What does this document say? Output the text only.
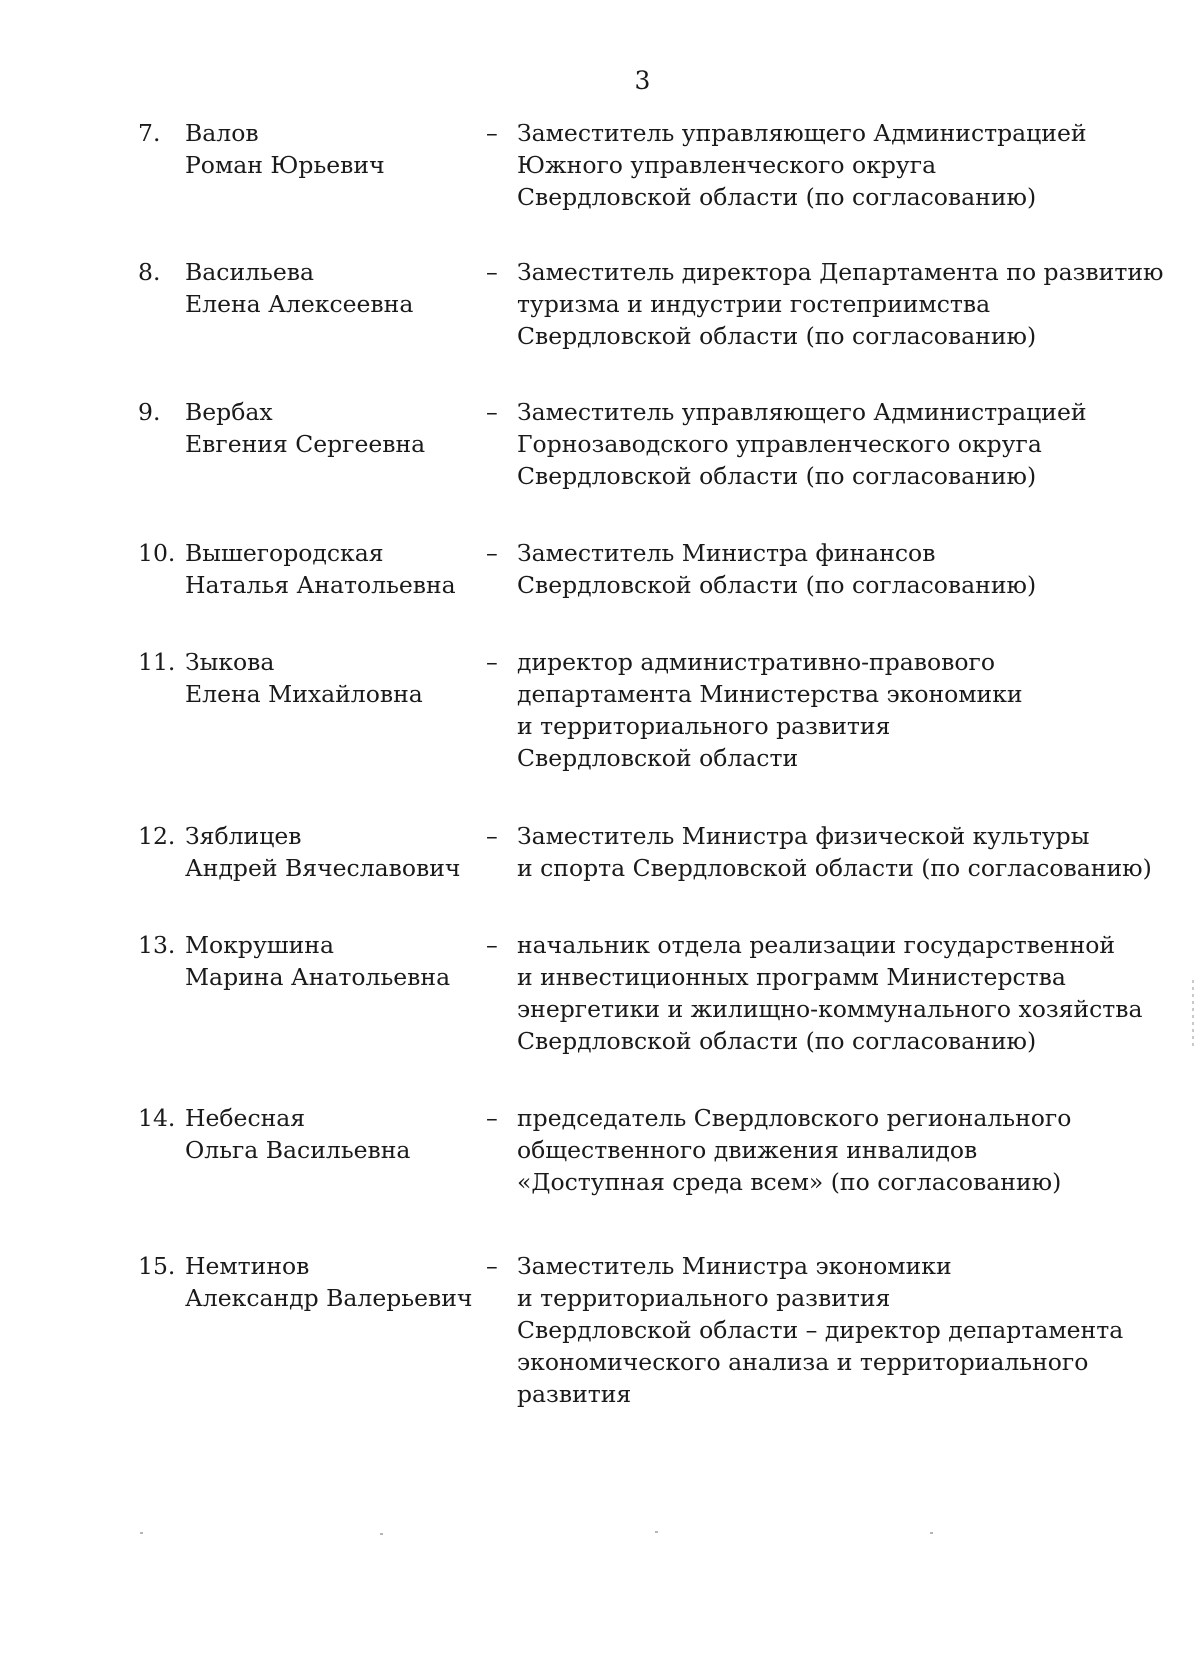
3
7.	Валов
Роман Юрьевич
– Заместитель управляющего Администрацией
Южного управленческого округа
Свердловской области (по согласованию)
8.	Васильева
Елена Алексеевна
– Заместитель директора Департамента по развитию
туризма и индустрии гостеприимства
Свердловской области (по согласованию)
9.	Вербах
Евгения Сергеевна
– Заместитель управляющего Администрацией
Горнозаводского управленческого округа
Свердловской области (по согласованию)
10. Вышегородская
Наталья Анатольевна
– Заместитель Министра финансов
Свердловской области (по согласованию)
11. Зыкова
Елена Михайловна
– директор административно-правового
департамента Министерства экономики
и территориального развития
Свердловской области
12. Зяблицев
Андрей Вячеславович
– Заместитель Министра физической культуры
и спорта Свердловской области (по согласованию)
13. Мокрушина
Марина Анатольевна
– начальник отдела реализации государственной
и инвестиционных программ Министерства
энергетики и жилищно-коммунального хозяйства
Свердловской области (по согласованию)
14. Небесная
Ольга Васильевна
– председатель Свердловского регионального
общественного движения инвалидов
«Доступная среда всем» (по согласованию)
15. Немтинов
Александр Валерьевич
– Заместитель Министра экономики
и территориального развития
Свердловской области – директор департамента
экономического анализа и территориального
развития
